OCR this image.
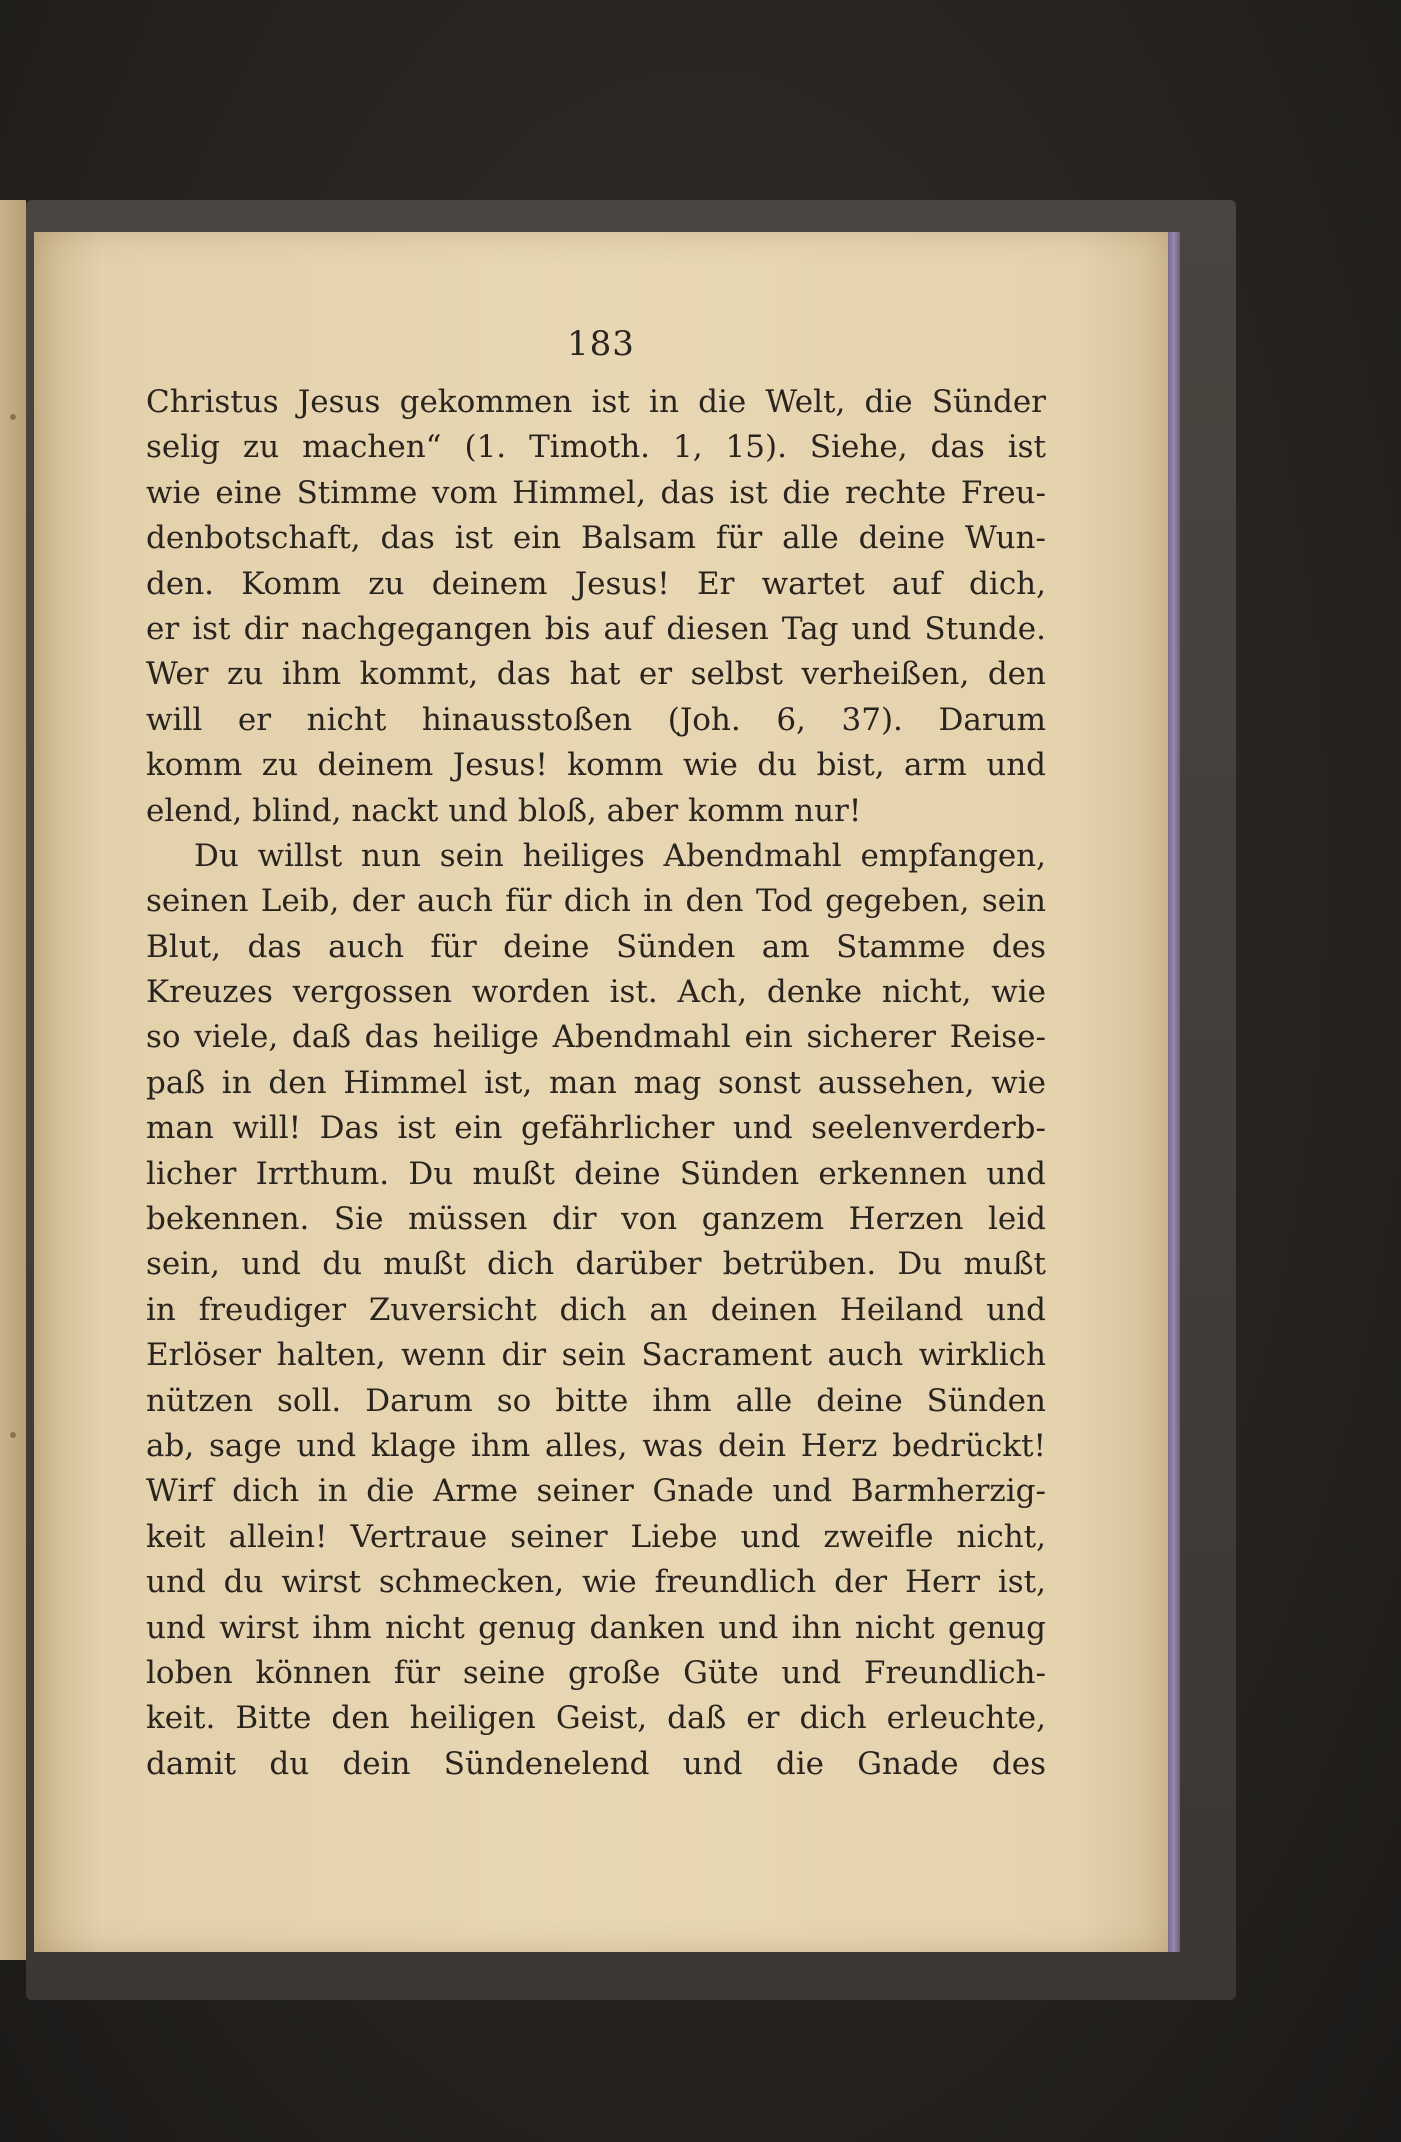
183
Christus Jesus gekommen ist in die Welt, die Sünder
selig zu machen“ (1. Timoth. 1, 15). Siehe, das ist
wie eine Stimme vom Himmel, das ist die rechte Freu-
denbotschaft, das ist ein Balsam für alle deine Wun-
den. Komm zu deinem Jesus! Er wartet auf dich,
er ist dir nachgegangen bis auf diesen Tag und Stunde.
Wer zu ihm kommt, das hat er selbst verheißen, den
will er nicht hinausstoßen (Joh. 6, 37). Darum
komm zu deinem Jesus! komm wie du bist, arm und
elend, blind, nackt und bloß, aber komm nur!
Du willst nun sein heiliges Abendmahl empfangen,
seinen Leib, der auch für dich in den Tod gegeben, sein
Blut, das auch für deine Sünden am Stamme des
Kreuzes vergossen worden ist. Ach, denke nicht, wie
so viele, daß das heilige Abendmahl ein sicherer Reise-
paß in den Himmel ist, man mag sonst aussehen, wie
man will! Das ist ein gefährlicher und seelenverderb-
licher Irrthum. Du mußt deine Sünden erkennen und
bekennen. Sie müssen dir von ganzem Herzen leid
sein, und du mußt dich darüber betrüben. Du mußt
in freudiger Zuversicht dich an deinen Heiland und
Erlöser halten, wenn dir sein Sacrament auch wirklich
nützen soll. Darum so bitte ihm alle deine Sünden
ab, sage und klage ihm alles, was dein Herz bedrückt!
Wirf dich in die Arme seiner Gnade und Barmherzig-
keit allein! Vertraue seiner Liebe und zweifle nicht,
und du wirst schmecken, wie freundlich der Herr ist,
und wirst ihm nicht genug danken und ihn nicht genug
loben können für seine große Güte und Freundlich-
keit. Bitte den heiligen Geist, daß er dich erleuchte,
damit du dein Sündenelend und die Gnade des
